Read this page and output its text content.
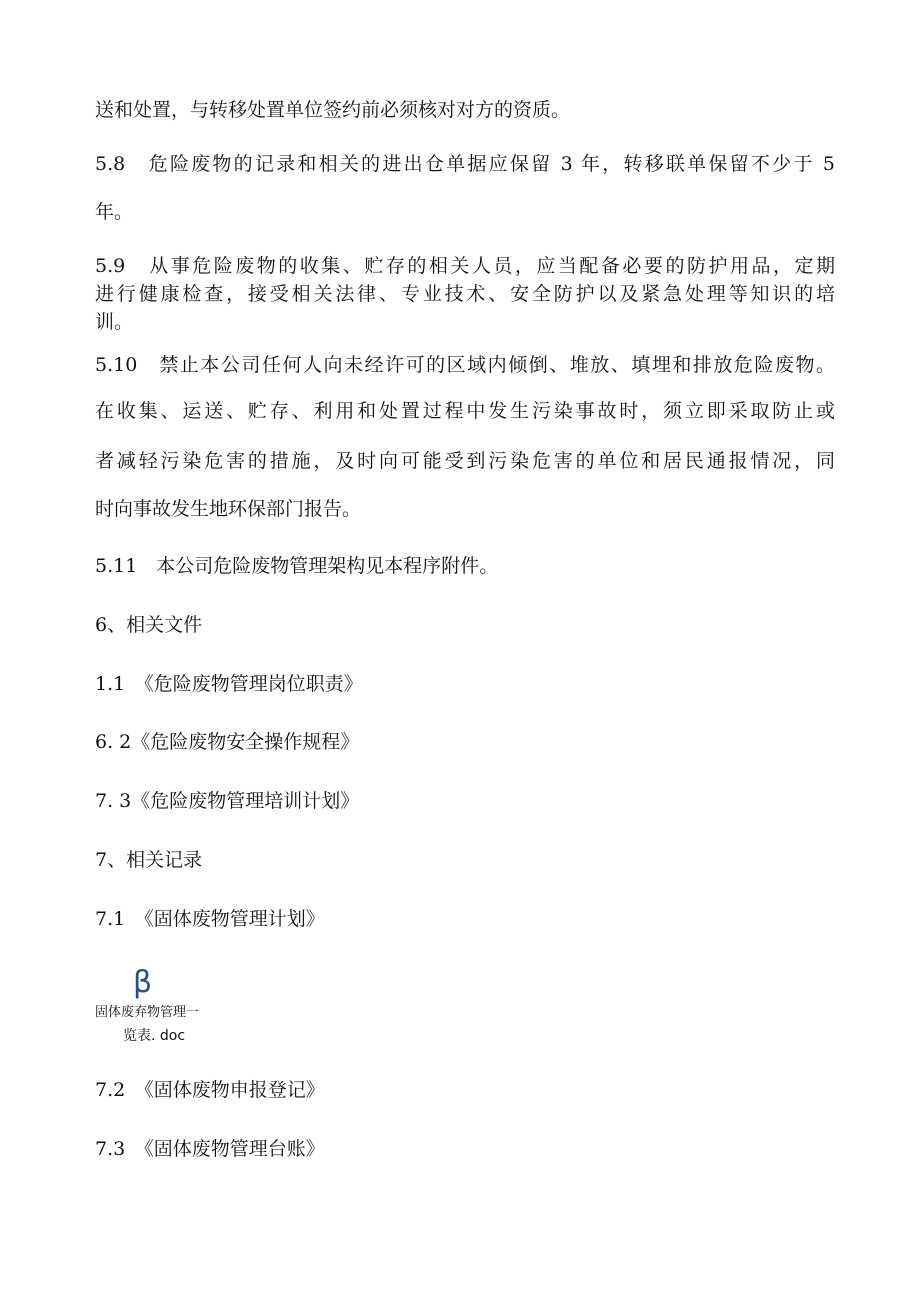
送和处置，与转移处置单位签约前必须核对对方的资质。
5.8　危险废物的记录和相关的进出仓单据应保留 3 年，转移联单保留不少于 5
年。
5.9　从事危险废物的收集、贮存的相关人员，应当配备必要的防护用品，定期
进行健康检查，接受相关法律、专业技术、安全防护以及紧急处理等知识的培
训。
5.10　禁止本公司任何人向未经许可的区域内倾倒、堆放、填埋和排放危险废物。
在收集、运送、贮存、利用和处置过程中发生污染事故时，须立即采取防止或
者减轻污染危害的措施，及时向可能受到污染危害的单位和居民通报情况，同
时向事故发生地环保部门报告。
5.11　本公司危险废物管理架构见本程序附件。
6、相关文件
1.1　《危险废物管理岗位职责》
6. 2《危险废物安全操作规程》
7. 3《危险废物管理培训计划》
7、相关记录
7.1　《固体废物管理计划》
β
固体废弃物管理一
览表. doc
7.2　《固体废物申报登记》
7.3　《固体废物管理台账》
